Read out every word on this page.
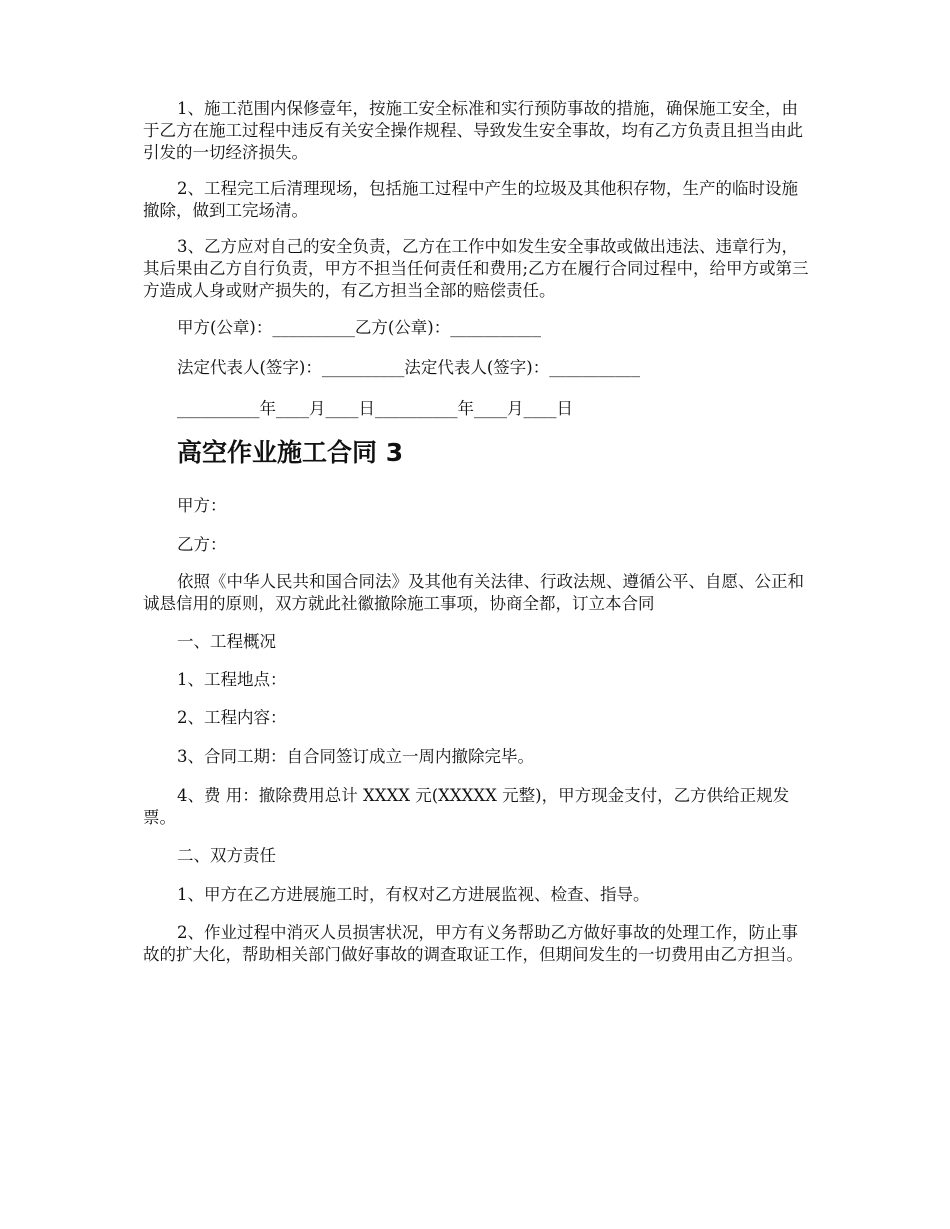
1、施工范围内保修壹年，按施工安全标准和实行预防事故的措施，确保施工安全，由于乙方在施工过程中违反有关安全操作规程、导致发生安全事故，均有乙方负责且担当由此引发的一切经济损失。

2、工程完工后清理现场，包括施工过程中产生的垃圾及其他积存物，生产的临时设施撤除，做到工完场清。

3、乙方应对自己的安全负责，乙方在工作中如发生安全事故或做出违法、违章行为，其后果由乙方自行负责，甲方不担当任何责任和费用;乙方在履行合同过程中，给甲方或第三方造成人身或财产损失的，有乙方担当全部的赔偿责任。

甲方(公章)：__________乙方(公章)：___________

法定代表人(签字)：__________法定代表人(签字)：___________

__________年____月____日__________年____月____日

高空作业施工合同 3

甲方：

乙方：

依照《中华人民共和国合同法》及其他有关法律、行政法规、遵循公平、自愿、公正和诚恳信用的原则，双方就此社徽撤除施工事项，协商全都，订立本合同

一、工程概况

1、工程地点：

2、工程内容：

3、合同工期：自合同签订成立一周内撤除完毕。

4、费 用：撤除费用总计 XXXX 元(XXXXX 元整)，甲方现金支付，乙方供给正规发票。

二、双方责任

1、甲方在乙方进展施工时，有权对乙方进展监视、检查、指导。

2、作业过程中消灭人员损害状况，甲方有义务帮助乙方做好事故的处理工作，防止事故的扩大化，帮助相关部门做好事故的调查取证工作，但期间发生的一切费用由乙方担当。
